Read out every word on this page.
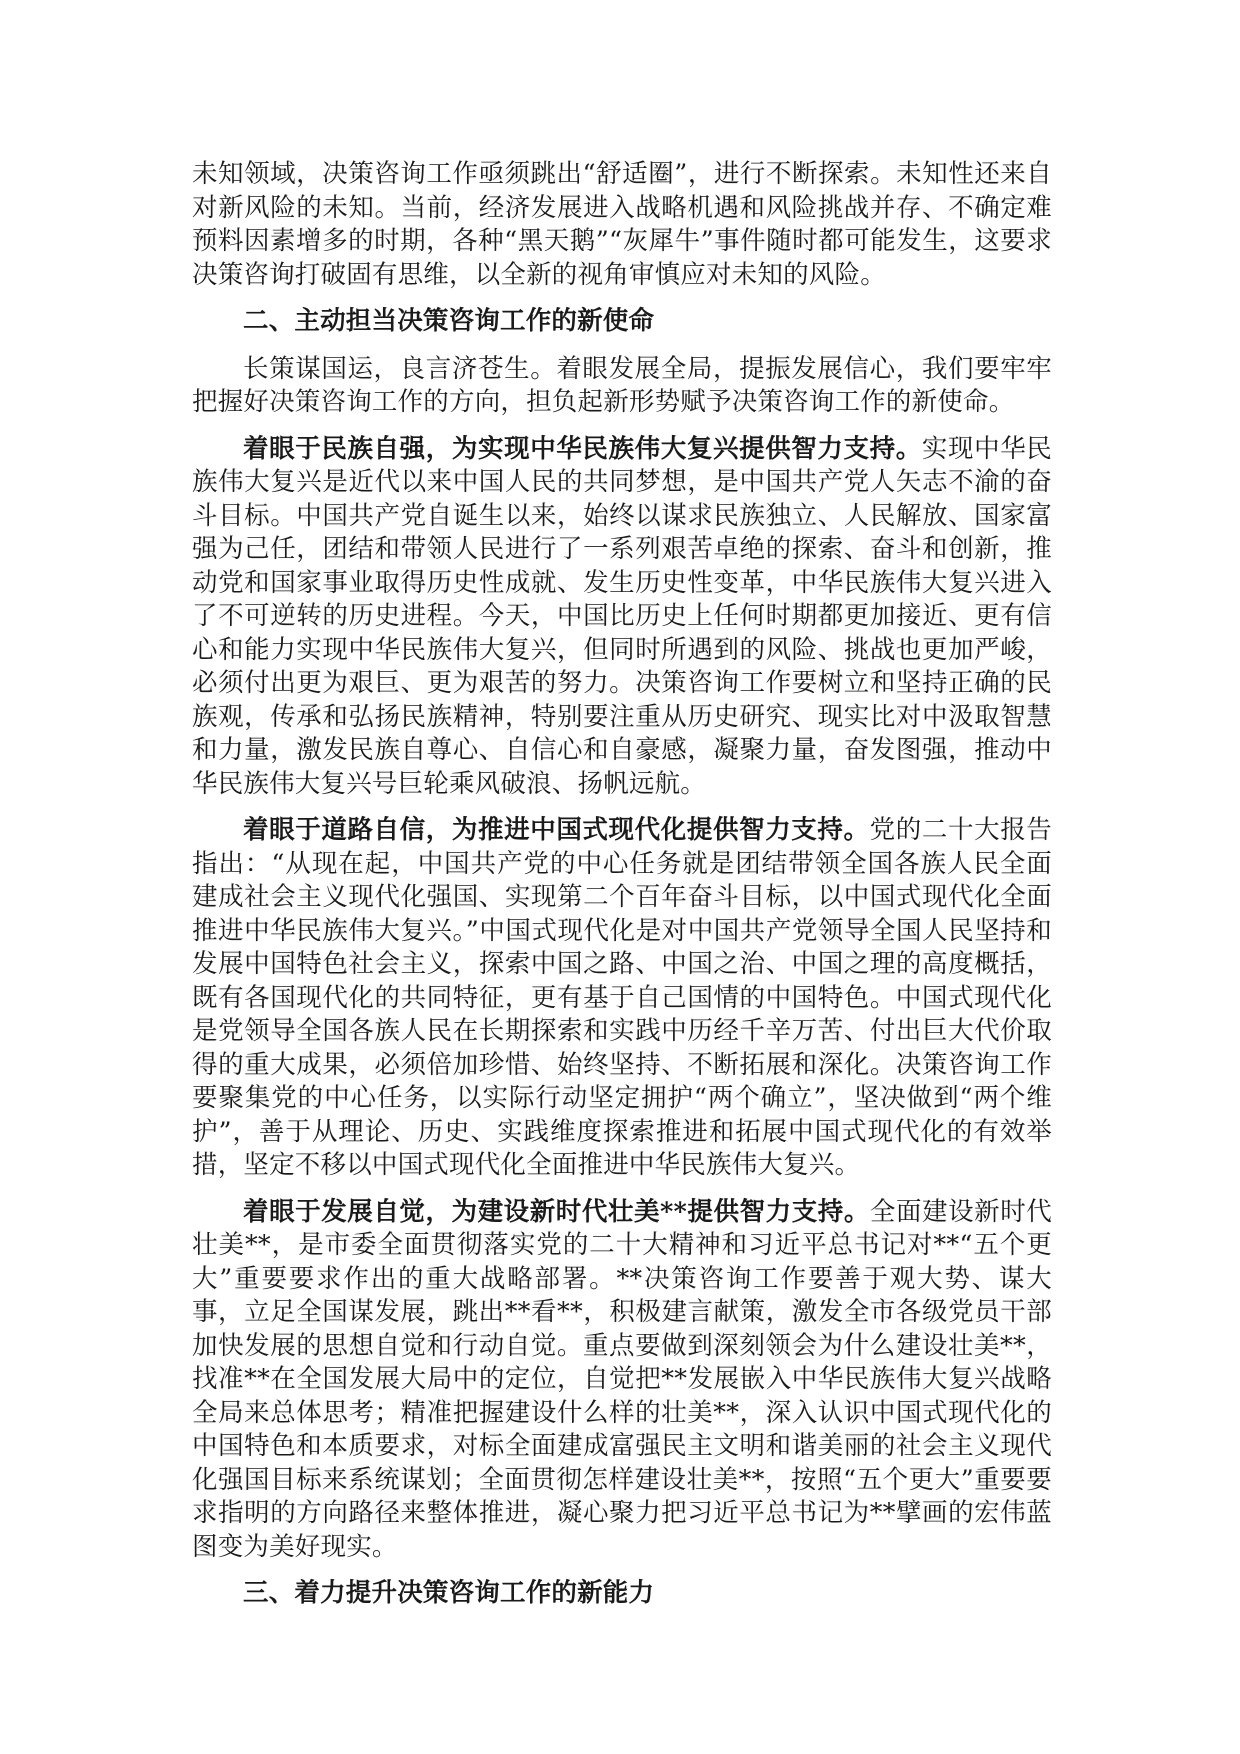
未知领域，决策咨询工作亟须跳出“舒适圈”，进行不断探索。未知性还来自对新风险的未知。当前，经济发展进入战略机遇和风险挑战并存、不确定难预料因素增多的时期，各种“黑天鹅”“灰犀牛”事件随时都可能发生，这要求决策咨询打破固有思维，以全新的视角审慎应对未知的风险。

二、主动担当决策咨询工作的新使命

长策谋国运，良言济苍生。着眼发展全局，提振发展信心，我们要牢牢把握好决策咨询工作的方向，担负起新形势赋予决策咨询工作的新使命。

着眼于民族自强，为实现中华民族伟大复兴提供智力支持。实现中华民族伟大复兴是近代以来中国人民的共同梦想，是中国共产党人矢志不渝的奋斗目标。中国共产党自诞生以来，始终以谋求民族独立、人民解放、国家富强为己任，团结和带领人民进行了一系列艰苦卓绝的探索、奋斗和创新，推动党和国家事业取得历史性成就、发生历史性变革，中华民族伟大复兴进入了不可逆转的历史进程。今天，中国比历史上任何时期都更加接近、更有信心和能力实现中华民族伟大复兴，但同时所遇到的风险、挑战也更加严峻，必须付出更为艰巨、更为艰苦的努力。决策咨询工作要树立和坚持正确的民族观，传承和弘扬民族精神，特别要注重从历史研究、现实比对中汲取智慧和力量，激发民族自尊心、自信心和自豪感，凝聚力量，奋发图强，推动中华民族伟大复兴号巨轮乘风破浪、扬帆远航。

着眼于道路自信，为推进中国式现代化提供智力支持。党的二十大报告指出：“从现在起，中国共产党的中心任务就是团结带领全国各族人民全面建成社会主义现代化强国、实现第二个百年奋斗目标，以中国式现代化全面推进中华民族伟大复兴。”中国式现代化是对中国共产党领导全国人民坚持和发展中国特色社会主义，探索中国之路、中国之治、中国之理的高度概括，既有各国现代化的共同特征，更有基于自己国情的中国特色。中国式现代化是党领导全国各族人民在长期探索和实践中历经千辛万苦、付出巨大代价取得的重大成果，必须倍加珍惜、始终坚持、不断拓展和深化。决策咨询工作要聚集党的中心任务，以实际行动坚定拥护“两个确立”，坚决做到“两个维护”，善于从理论、历史、实践维度探索推进和拓展中国式现代化的有效举措，坚定不移以中国式现代化全面推进中华民族伟大复兴。

着眼于发展自觉，为建设新时代壮美**提供智力支持。全面建设新时代壮美**，是市委全面贯彻落实党的二十大精神和习近平总书记对**“五个更大”重要要求作出的重大战略部署。**决策咨询工作要善于观大势、谋大事，立足全国谋发展，跳出**看**，积极建言献策，激发全市各级党员干部加快发展的思想自觉和行动自觉。重点要做到深刻领会为什么建设壮美**，找准**在全国发展大局中的定位，自觉把**发展嵌入中华民族伟大复兴战略全局来总体思考；精准把握建设什么样的壮美**，深入认识中国式现代化的中国特色和本质要求，对标全面建成富强民主文明和谐美丽的社会主义现代化强国目标来系统谋划；全面贯彻怎样建设壮美**，按照“五个更大”重要要求指明的方向路径来整体推进，凝心聚力把习近平总书记为**擘画的宏伟蓝图变为美好现实。

三、着力提升决策咨询工作的新能力
